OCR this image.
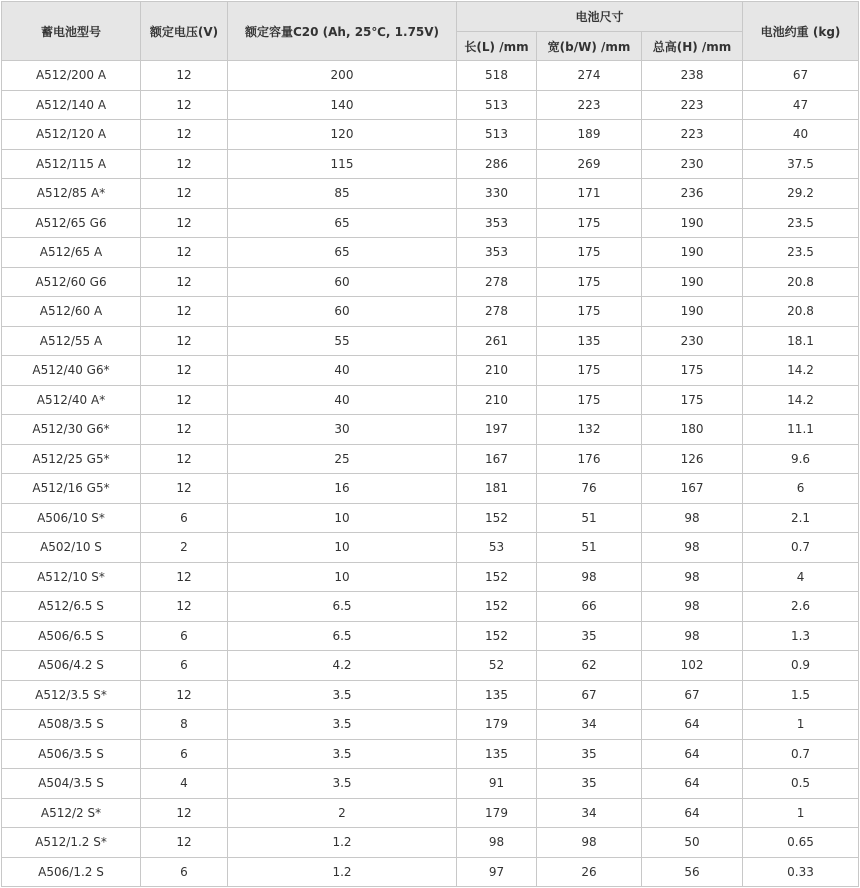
蓄电池型号	额定电压(V)	额定容量C20 (Ah, 25℃, 1.75V)	电池尺寸			电池约重 (kg)
			长(L) /mm	宽(b/W) /mm	总高(H) /mm	
A512/200 A	12	200	518	274	238	67
A512/140 A	12	140	513	223	223	47
A512/120 A	12	120	513	189	223	40
A512/115 A	12	115	286	269	230	37.5
A512/85 A*	12	85	330	171	236	29.2
A512/65 G6	12	65	353	175	190	23.5
A512/65 A	12	65	353	175	190	23.5
A512/60 G6	12	60	278	175	190	20.8
A512/60 A	12	60	278	175	190	20.8
A512/55 A	12	55	261	135	230	18.1
A512/40 G6*	12	40	210	175	175	14.2
A512/40 A*	12	40	210	175	175	14.2
A512/30 G6*	12	30	197	132	180	11.1
A512/25 G5*	12	25	167	176	126	9.6
A512/16 G5*	12	16	181	76	167	6
A506/10 S*	6	10	152	51	98	2.1
A502/10 S	2	10	53	51	98	0.7
A512/10 S*	12	10	152	98	98	4
A512/6.5 S	12	6.5	152	66	98	2.6
A506/6.5 S	6	6.5	152	35	98	1.3
A506/4.2 S	6	4.2	52	62	102	0.9
A512/3.5 S*	12	3.5	135	67	67	1.5
A508/3.5 S	8	3.5	179	34	64	1
A506/3.5 S	6	3.5	135	35	64	0.7
A504/3.5 S	4	3.5	91	35	64	0.5
A512/2 S*	12	2	179	34	64	1
A512/1.2 S*	12	1.2	98	98	50	0.65
A506/1.2 S	6	1.2	97	26	56	0.33
